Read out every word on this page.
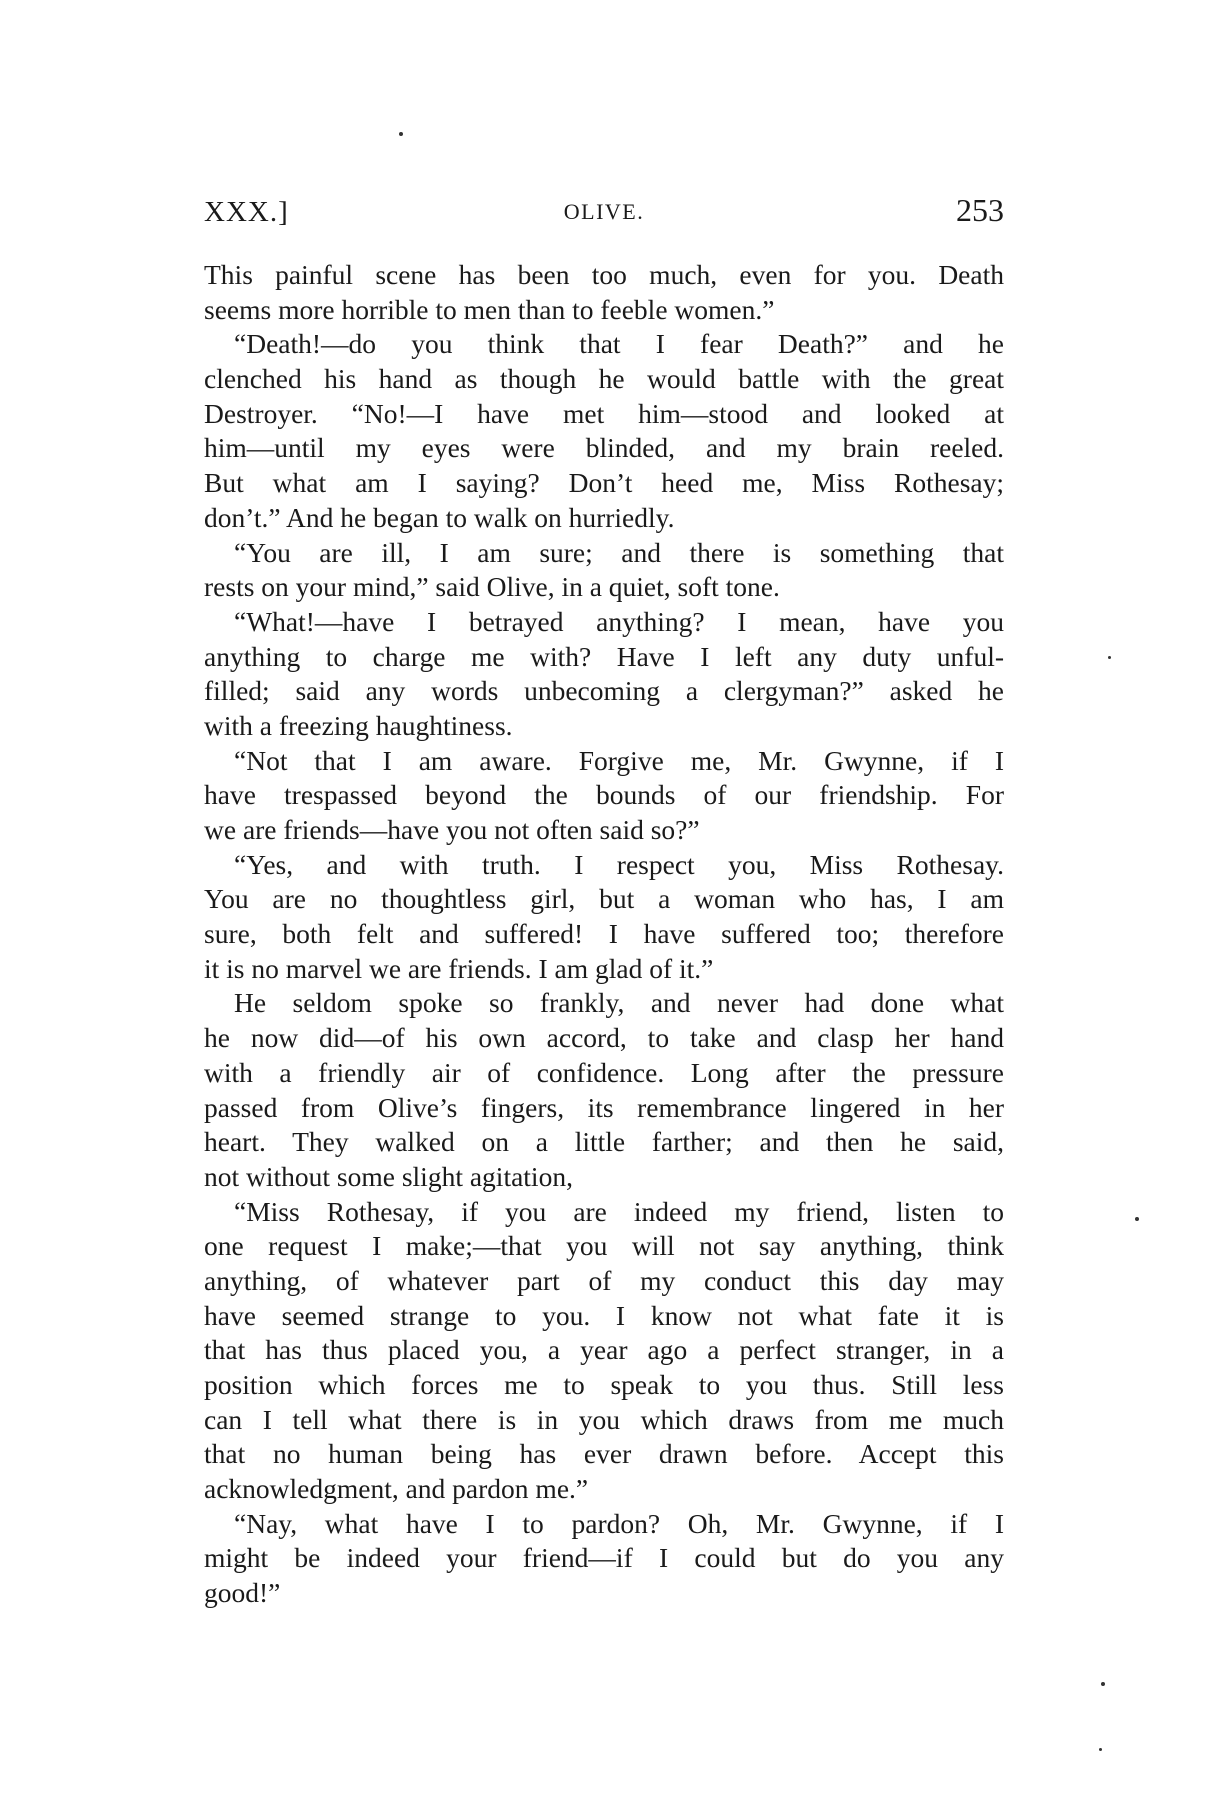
XXX.]	OLIVE.	253
This painful scene has been too much, even for you. Death
seems more horrible to men than to feeble women.”
“Death!—do you think that I fear Death?” and he
clenched his hand as though he would battle with the great
Destroyer. “No!—I have met him—stood and looked at
him—until my eyes were blinded, and my brain reeled.
But what am I saying? Don’t heed me, Miss Rothesay;
don’t.” And he began to walk on hurriedly.
“You are ill, I am sure; and there is something that
rests on your mind,” said Olive, in a quiet, soft tone.
“What!—have I betrayed anything? I mean, have you
anything to charge me with? Have I left any duty unful-
filled; said any words unbecoming a clergyman?” asked he
with a freezing haughtiness.
“Not that I am aware. Forgive me, Mr. Gwynne, if I
have trespassed beyond the bounds of our friendship. For
we are friends—have you not often said so?”
“Yes, and with truth. I respect you, Miss Rothesay.
You are no thoughtless girl, but a woman who has, I am
sure, both felt and suffered! I have suffered too; therefore
it is no marvel we are friends. I am glad of it.”
He seldom spoke so frankly, and never had done what
he now did—of his own accord, to take and clasp her hand
with a friendly air of confidence. Long after the pressure
passed from Olive’s fingers, its remembrance lingered in her
heart. They walked on a little farther; and then he said,
not without some slight agitation,
“Miss Rothesay, if you are indeed my friend, listen to
one request I make;—that you will not say anything, think
anything, of whatever part of my conduct this day may
have seemed strange to you. I know not what fate it is
that has thus placed you, a year ago a perfect stranger, in a
position which forces me to speak to you thus. Still less
can I tell what there is in you which draws from me much
that no human being has ever drawn before. Accept this
acknowledgment, and pardon me.”
“Nay, what have I to pardon? Oh, Mr. Gwynne, if I
might be indeed your friend—if I could but do you any
good!”
